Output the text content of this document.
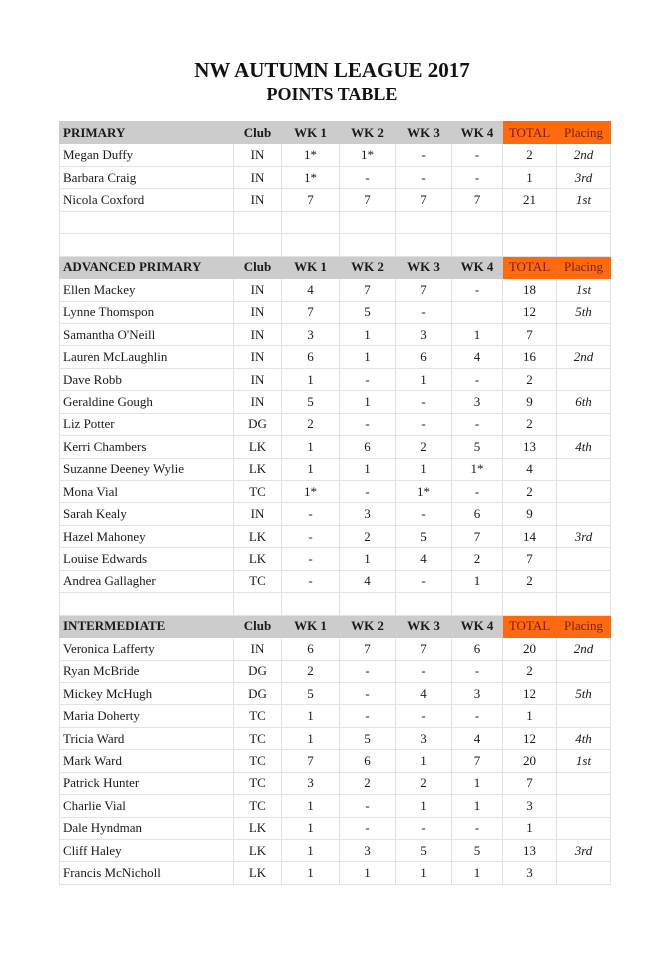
NW AUTUMN LEAGUE 2017
POINTS TABLE
PRIMARY	Club	WK 1	WK 2	WK 3	WK 4	TOTAL	Placing
Megan Duffy	IN	1*	1*	-	-	2	2nd
Barbara Craig	IN	1*	-	-	-	1	3rd
Nicola Coxford	IN	7	7	7	7	21	1st

ADVANCED PRIMARY	Club	WK 1	WK 2	WK 3	WK 4	TOTAL	Placing
Ellen Mackey	IN	4	7	7	-	18	1st
Lynne Thomspon	IN	7	5	-		12	5th
Samantha O'Neill	IN	3	1	3	1	7	
Lauren McLaughlin	IN	6	1	6	4	16	2nd
Dave Robb	IN	1	-	1	-	2	
Geraldine Gough	IN	5	1	-	3	9	6th
Liz Potter	DG	2	-	-	-	2	
Kerri Chambers	LK	1	6	2	5	13	4th
Suzanne Deeney Wylie	LK	1	1	1	1*	4	
Mona Vial	TC	1*	-	1*	-	2	
Sarah Kealy	IN	-	3	-	6	9	
Hazel Mahoney	LK	-	2	5	7	14	3rd
Louise Edwards	LK	-	1	4	2	7	
Andrea Gallagher	TC	-	4	-	1	2	

INTERMEDIATE	Club	WK 1	WK 2	WK 3	WK 4	TOTAL	Placing
Veronica Lafferty	IN	6	7	7	6	20	2nd
Ryan McBride	DG	2	-	-	-	2	
Mickey McHugh	DG	5	-	4	3	12	5th
Maria Doherty	TC	1	-	-	-	1	
Tricia Ward	TC	1	5	3	4	12	4th
Mark Ward	TC	7	6	1	7	20	1st
Patrick Hunter	TC	3	2	2	1	7	
Charlie Vial	TC	1	-	1	1	3	
Dale Hyndman	LK	1	-	-	-	1	
Cliff Haley	LK	1	3	5	5	13	3rd
Francis McNicholl	LK	1	1	1	1	3	
